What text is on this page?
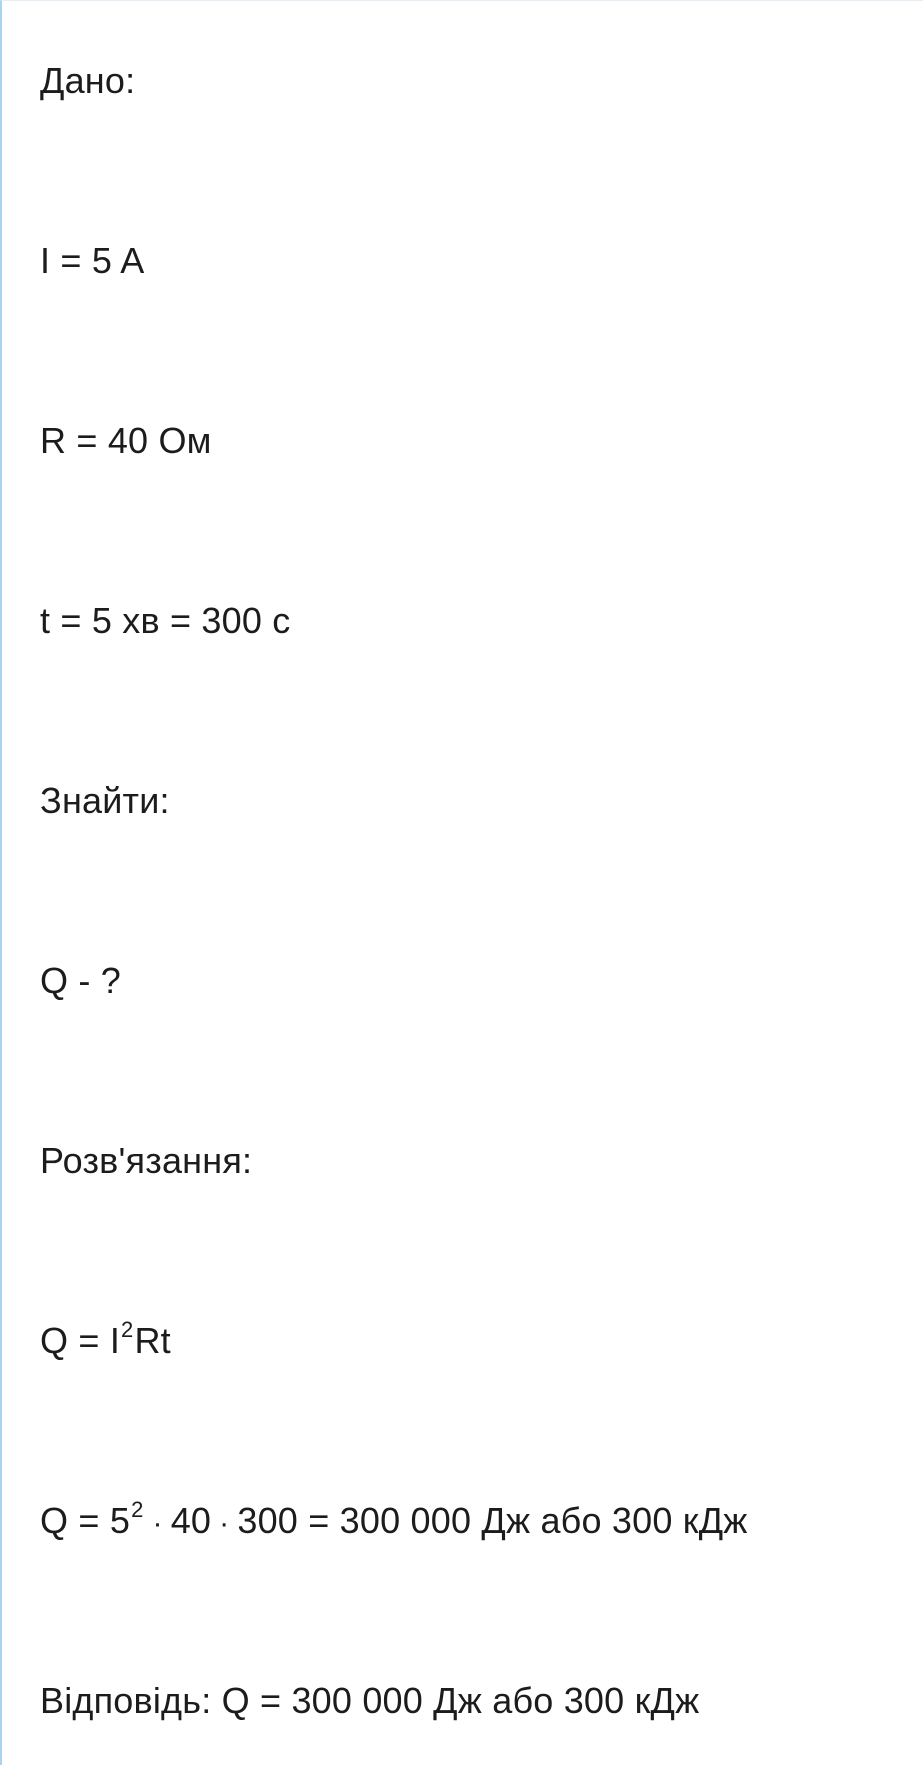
Дано:
I = 5 A
R = 40 Ом
t = 5 хв = 300 с
Знайти:
Q - ?
Розв'язання:
$Q = I^2Rt$
$Q = 5^2 \cdot 40 \cdot 300 = 300$ 000 Дж або 300 кДж
Відповідь: Q = 300 000 Дж або 300 кДж
